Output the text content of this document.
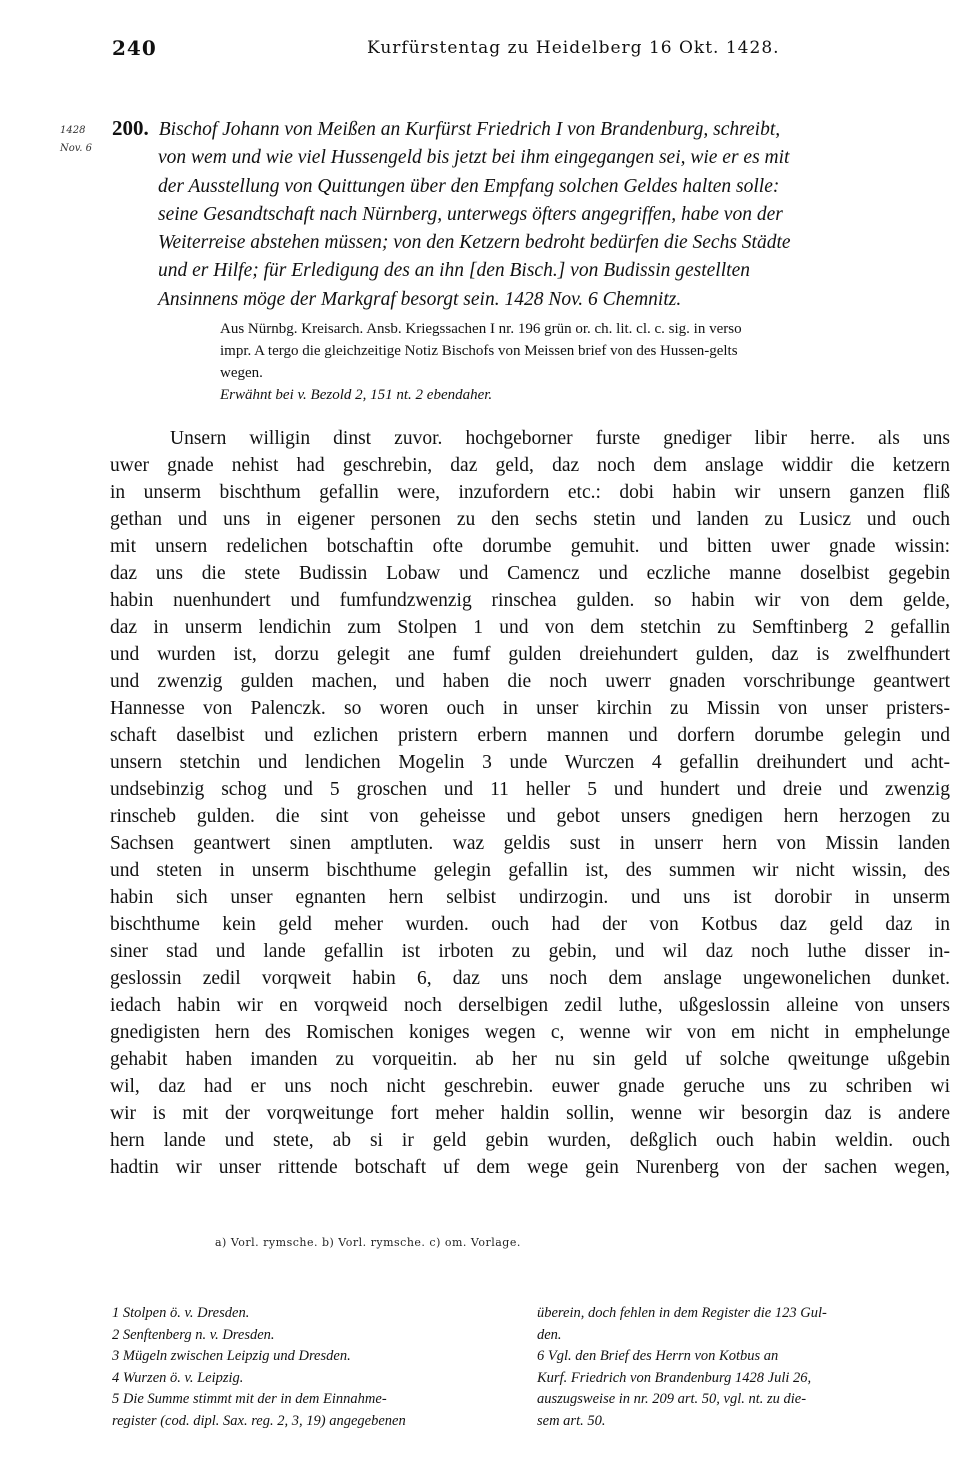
240	Kurfürstentag zu Heidelberg 16 Okt. 1428.
1428
Nov. 6

200. Bischof Johann von Meißen an Kurfürst Friedrich I von Brandenburg, schreibt,
von wem und wie viel Hussengeld bis jetzt bei ihm eingegangen sei, wie er es mit
der Ausstellung von Quittungen über den Empfang solchen Geldes halten solle:
seine Gesandtschaft nach Nürnberg, unterwegs öfters angegriffen, habe von der
Weiterreise abstehen müssen; von den Ketzern bedroht bedürfen die Sechs Städte
und er Hilfe; für Erledigung des an ihn [den Bisch.] von Budissin gestellten
Ansinnens möge der Markgraf besorgt sein. 1428 Nov. 6 Chemnitz.

Aus Nürnbg. Kreisarch. Ansb. Kriegssachen I nr. 196 grün or. ch. lit. cl. c. sig. in verso

impr. A tergo die gleichzeitige Notiz Bischofs von Meissen brief von des Hussen-gelts

wegen.

Erwähnt bei v. Bezold 2, 151 nt. 2 ebendaher.

Unsern willigin dinst zuvor. hochgeborner furste gnediger libir herre. als uns
uwer gnade nehist had geschrebin, daz geld, daz noch dem anslage widdir die ketzern
in unserm bischthum gefallin were, inzufordern etc.: dobi habin wir unsern ganzen fliß
gethan und uns in eigener personen zu den sechs stetin und landen zu Lusicz und ouch
mit unsern redelichen botschaftin ofte dorumbe gemuhit. und bitten uwer gnade wissin:
daz uns die stete Budissin Lobaw und Camencz und eczliche manne doselbist gegebin
habin nuenhundert und fumfundzwenzig rinschea gulden. so habin wir von dem gelde,
daz in unserm lendichin zum Stolpen 1 und von dem stetchin zu Semftinberg 2 gefallin
und wurden ist, dorzu gelegit ane fumf gulden dreiehundert gulden, daz is zwelfhundert
und zwenzig gulden machen, und haben die noch uwerr gnaden vorschribunge geantwert
Hannesse von Palenczk. so woren ouch in unser kirchin zu Missin von unser pristers-
schaft daselbist und ezlichen pristern erbern mannen und dorfern dorumbe gelegin und
unsern stetchin und lendichen Mogelin 3 unde Wurczen 4 gefallin dreihundert und acht-
undsebinzig schog und 5 groschen und 11 heller 5 und hundert und dreie und zwenzig
rinscheb gulden. die sint von geheisse und gebot unsers gnedigen hern herzogen zu
Sachsen geantwert sinen amptluten. waz geldis sust in unserr hern von Missin landen
und steten in unserm bischthume gelegin gefallin ist, des summen wir nicht wissin, des
habin sich unser egnanten hern selbist undirzogin. und uns ist dorobir in unserm
bischthume kein geld meher wurden. ouch had der von Kotbus daz geld daz in
siner stad und lande gefallin ist irboten zu gebin, und wil daz noch luthe disser in-
geslossin zedil vorqweit habin 6, daz uns noch dem anslage ungewonelichen dunket.
iedach habin wir en vorqweid noch derselbigen zedil luthe, ußgeslossin alleine von unsers
gnedigisten hern des Romischen koniges wegen c, wenne wir von em nicht in emphelunge
gehabit haben imanden zu vorqueitin. ab her nu sin geld uf solche qweitunge ußgebin
wil, daz had er uns noch nicht geschrebin. euwer gnade geruche uns zu schriben wi
wir is mit der vorqweitunge fort meher haldin sollin, wenne wir besorgin daz is andere
hern lande und stete, ab si ir geld gebin wurden, deßglich ouch habin weldin. ouch
hadtin wir unser rittende botschaft uf dem wege gein Nurenberg von der sachen wegen,
a) Vorl. rymsche. b) Vorl. rymsche. c) om. Vorlage.

1 Stolpen ö. v. Dresden.

2 Senftenberg n. v. Dresden.

3 Mügeln zwischen Leipzig und Dresden.

4 Wurzen ö. v. Leipzig.

5 Die Summe stimmt mit der in dem Einnahme-

register (cod. dipl. Sax. reg. 2, 3, 19) angegebenen

überein, doch fehlen in dem Register die 123 Gul-

den.

6 Vgl. den Brief des Herrn von Kotbus an

Kurf. Friedrich von Brandenburg 1428 Juli 26,

auszugsweise in nr. 209 art. 50, vgl. nt. zu die-

sem art. 50.
